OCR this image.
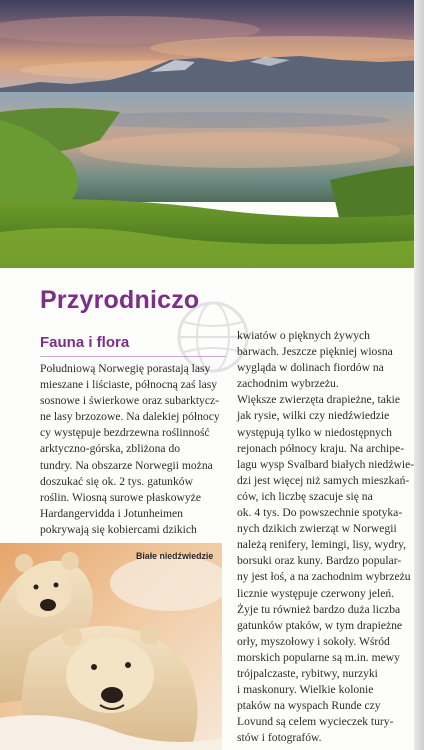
Przyrodniczo
Fauna i flora

Południową Norwegię porastają lasy
mieszane i liściaste, północną zaś lasy
sosnowe i świerkowe oraz subarktycz-
ne lasy brzozowe. Na dalekiej północy
cy występuje bezdrzewna roślinność
arktyczno-górska, zbliżona do
tundry. Na obszarze Norwegii można
doszukać się ok. 2 tys. gatunków
roślin. Wiosną surowe płaskowyże
Hardangervidda i Jotunheimen
pokrywają się kobiercami dzikich

kwiatów o pięknych żywych
barwach. Jeszcze piękniej wiosna
wygląda w dolinach fiordów na
zachodnim wybrzeżu.
Większe zwierzęta drapieżne, takie
jak rysie, wilki czy niedźwiedzie
występują tylko w niedostępnych
rejonach północy kraju. Na archipe-
lagu wysp Svalbard białych niedźwie-
dzi jest więcej niż samych mieszkań-
ców, ich liczbę szacuje się na
ok. 4 tys. Do powszechnie spotyka-
nych dzikich zwierząt w Norwegii
należą renifery, lemingi, lisy, wydry,
borsuki oraz kuny. Bardzo popular-
ny jest łoś, a na zachodnim wybrzeżu
licznie występuje czerwony jeleń.
Żyje tu również bardzo duża liczba
gatunków ptaków, w tym drapieżne
orły, myszołowy i sokoły. Wśród
morskich popularne są m.in. mewy
trójpalczaste, rybitwy, nurzyki
i maskonury. Wielkie kolonie
ptaków na wyspach Runde czy
Lovund są celem wycieczek tury-
stów i fotografów.

Białe niedźwiedzie
